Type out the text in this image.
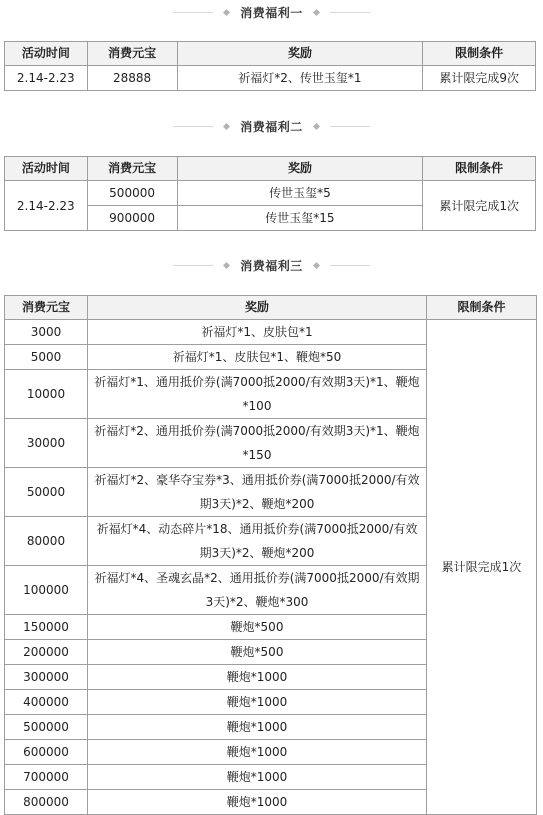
消费福利一
活动时间	消费元宝	奖励	限制条件
2.14-2.23	28888	祈福灯*2、传世玉玺*1	累计限完成9次
消费福利二
活动时间	消费元宝	奖励	限制条件
2.14-2.23	500000	传世玉玺*5	累计限完成1次
	900000	传世玉玺*15	
消费福利三
消费元宝	奖励	限制条件
3000	祈福灯*1、皮肤包*1	累计限完成1次
5000	祈福灯*1、皮肤包*1、鞭炮*50	
10000	祈福灯*1、通用抵价券(满7000抵2000/有效期3天)*1、鞭炮*100	
30000	祈福灯*2、通用抵价券(满7000抵2000/有效期3天)*1、鞭炮*150	
50000	祈福灯*2、豪华夺宝券*3、通用抵价券(满7000抵2000/有效期3天)*2、鞭炮*200	
80000	祈福灯*4、动态碎片*18、通用抵价券(满7000抵2000/有效期3天)*2、鞭炮*200	
100000	祈福灯*4、圣魂玄晶*2、通用抵价券(满7000抵2000/有效期3天)*2、鞭炮*300	
150000	鞭炮*500	
200000	鞭炮*500	
300000	鞭炮*1000	
400000	鞭炮*1000	
500000	鞭炮*1000	
600000	鞭炮*1000	
700000	鞭炮*1000	
800000	鞭炮*1000	
